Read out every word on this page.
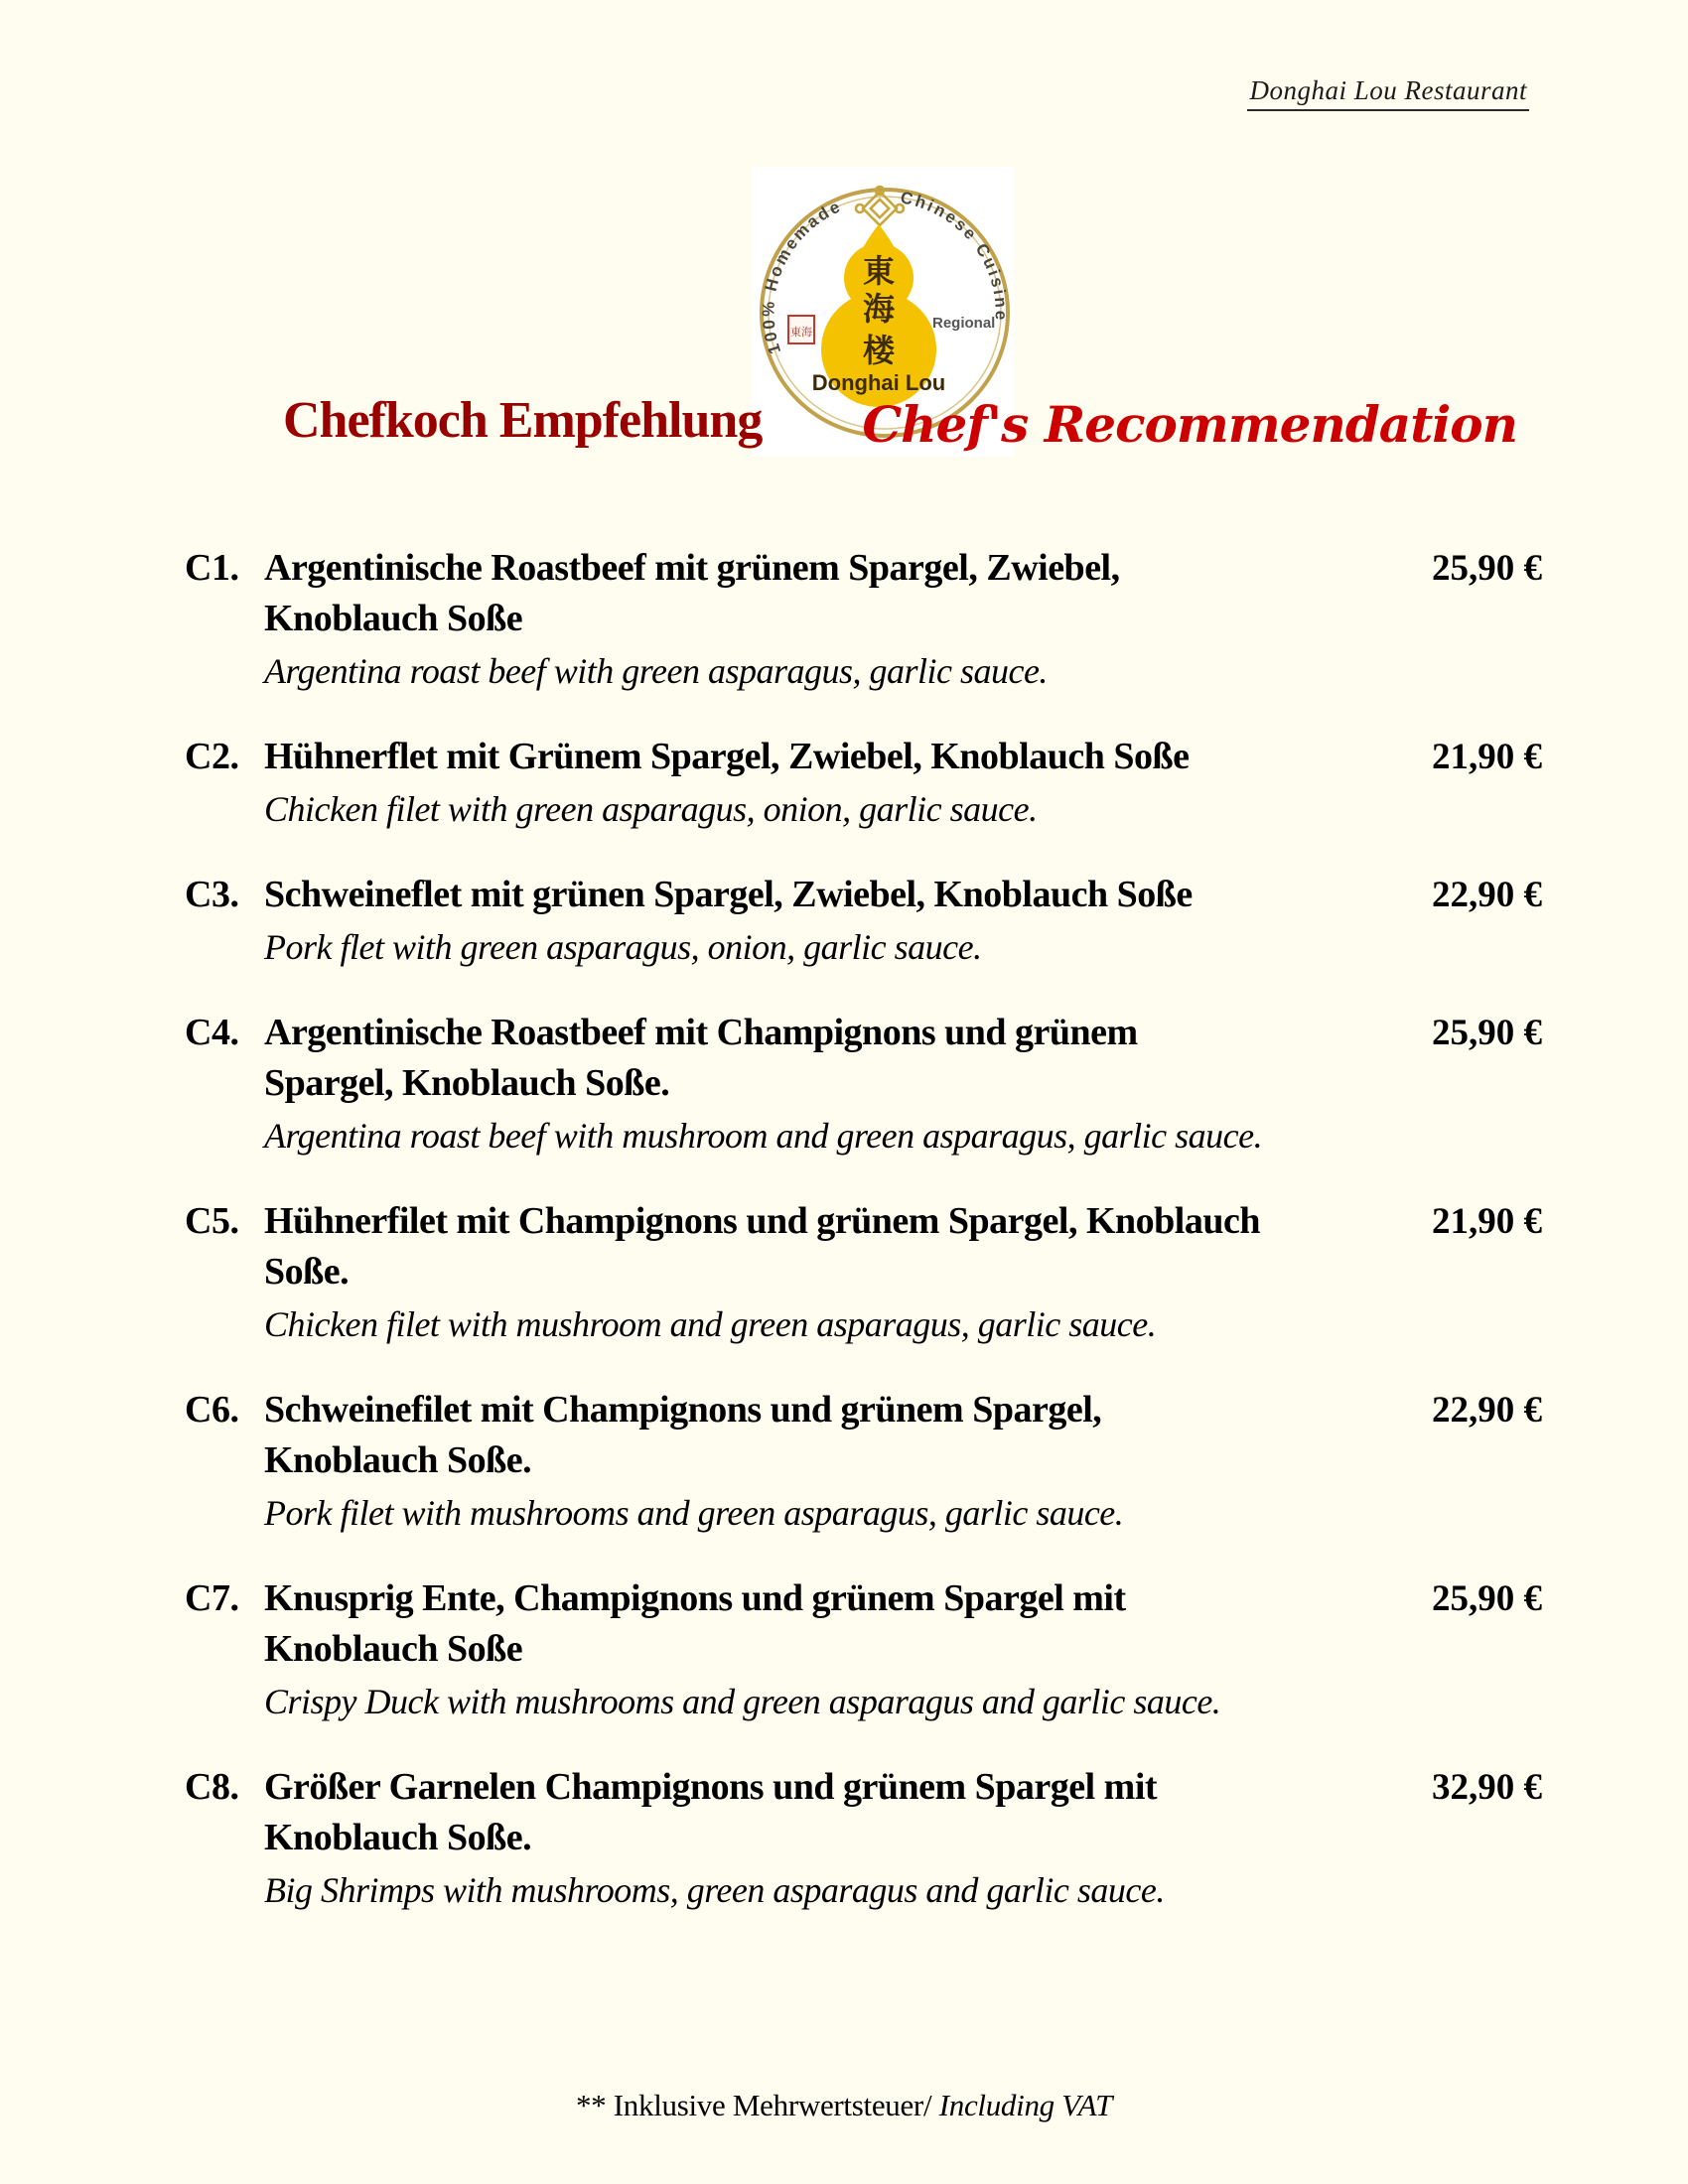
Donghai Lou Restaurant
100% Homemade	Chinese Cuisine
東
海
楼
Donghai Lou
Regional
東海
Chefkoch Empfehlung Chef's Recommendation
C1. Argentinische Roastbeef mit grünem Spargel, Zwiebel,
Knoblauch Soße
Argentina roast beef with green asparagus, garlic sauce.
25,90 €
C2. Hühnerflet mit Grünem Spargel, Zwiebel, Knoblauch Soße
Chicken filet with green asparagus, onion, garlic sauce.
21,90 €
C3. Schweineflet mit grünen Spargel, Zwiebel, Knoblauch Soße
Pork flet with green asparagus, onion, garlic sauce.
22,90 €
C4. Argentinische Roastbeef mit Champignons und grünem
Spargel, Knoblauch Soße.
Argentina roast beef with mushroom and green asparagus, garlic sauce.
25,90 €
C5. Hühnerfilet mit Champignons und grünem Spargel, Knoblauch
Soße.
Chicken filet with mushroom and green asparagus, garlic sauce.
21,90 €
C6. Schweinefilet mit Champignons und grünem Spargel,
Knoblauch Soße.
Pork filet with mushrooms and green asparagus, garlic sauce.
22,90 €
C7. Knusprig Ente, Champignons und grünem Spargel mit
Knoblauch Soße
Crispy Duck with mushrooms and green asparagus and garlic sauce.
25,90 €
C8. Größer Garnelen Champignons und grünem Spargel mit
Knoblauch Soße.
Big Shrimps with mushrooms, green asparagus and garlic sauce.
32,90 €
** Inklusive Mehrwertsteuer/ Including VAT
